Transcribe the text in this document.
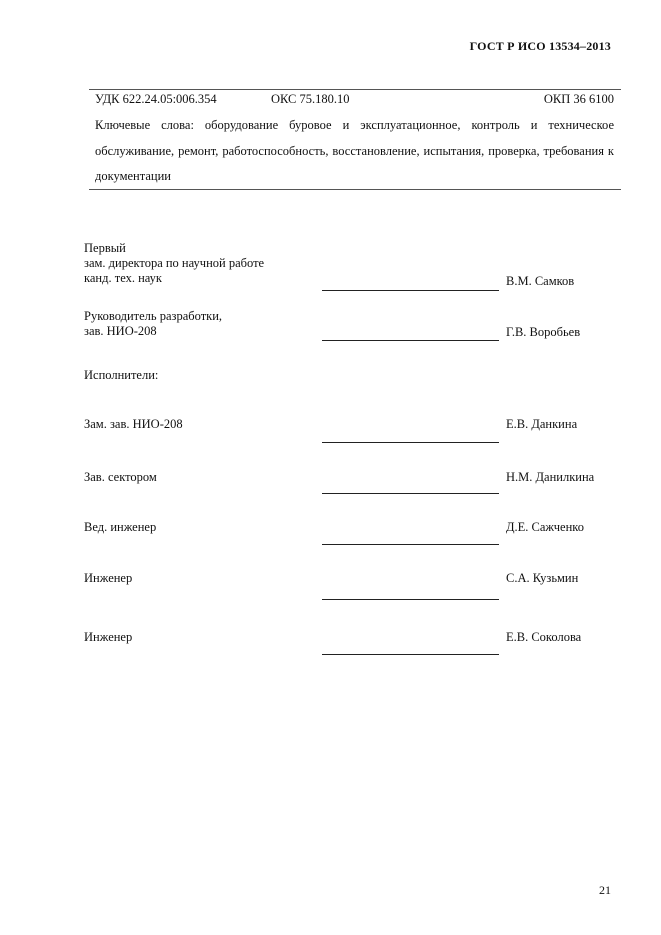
ГОСТ Р ИСО 13534–2013
УДК 622.24.05:006.354	ОКС 75.180.10	ОКП 36 6100
Ключевые слова: оборудование буровое и эксплуатационное, контроль и техническое обслуживание, ремонт, работоспособность, восстановление, испытания, проверка, требования к документации
Первый
зам. директора по научной работе
канд. тех. наук	В.М. Самков
Руководитель разработки,
зав. НИО-208	Г.В. Воробьев
Исполнители:
Зам. зав. НИО-208	Е.В. Данкина
Зав. сектором	Н.М. Данилкина
Вед. инженер	Д.Е. Сажченко
Инженер	С.А. Кузьмин
Инженер	Е.В. Соколова
21
